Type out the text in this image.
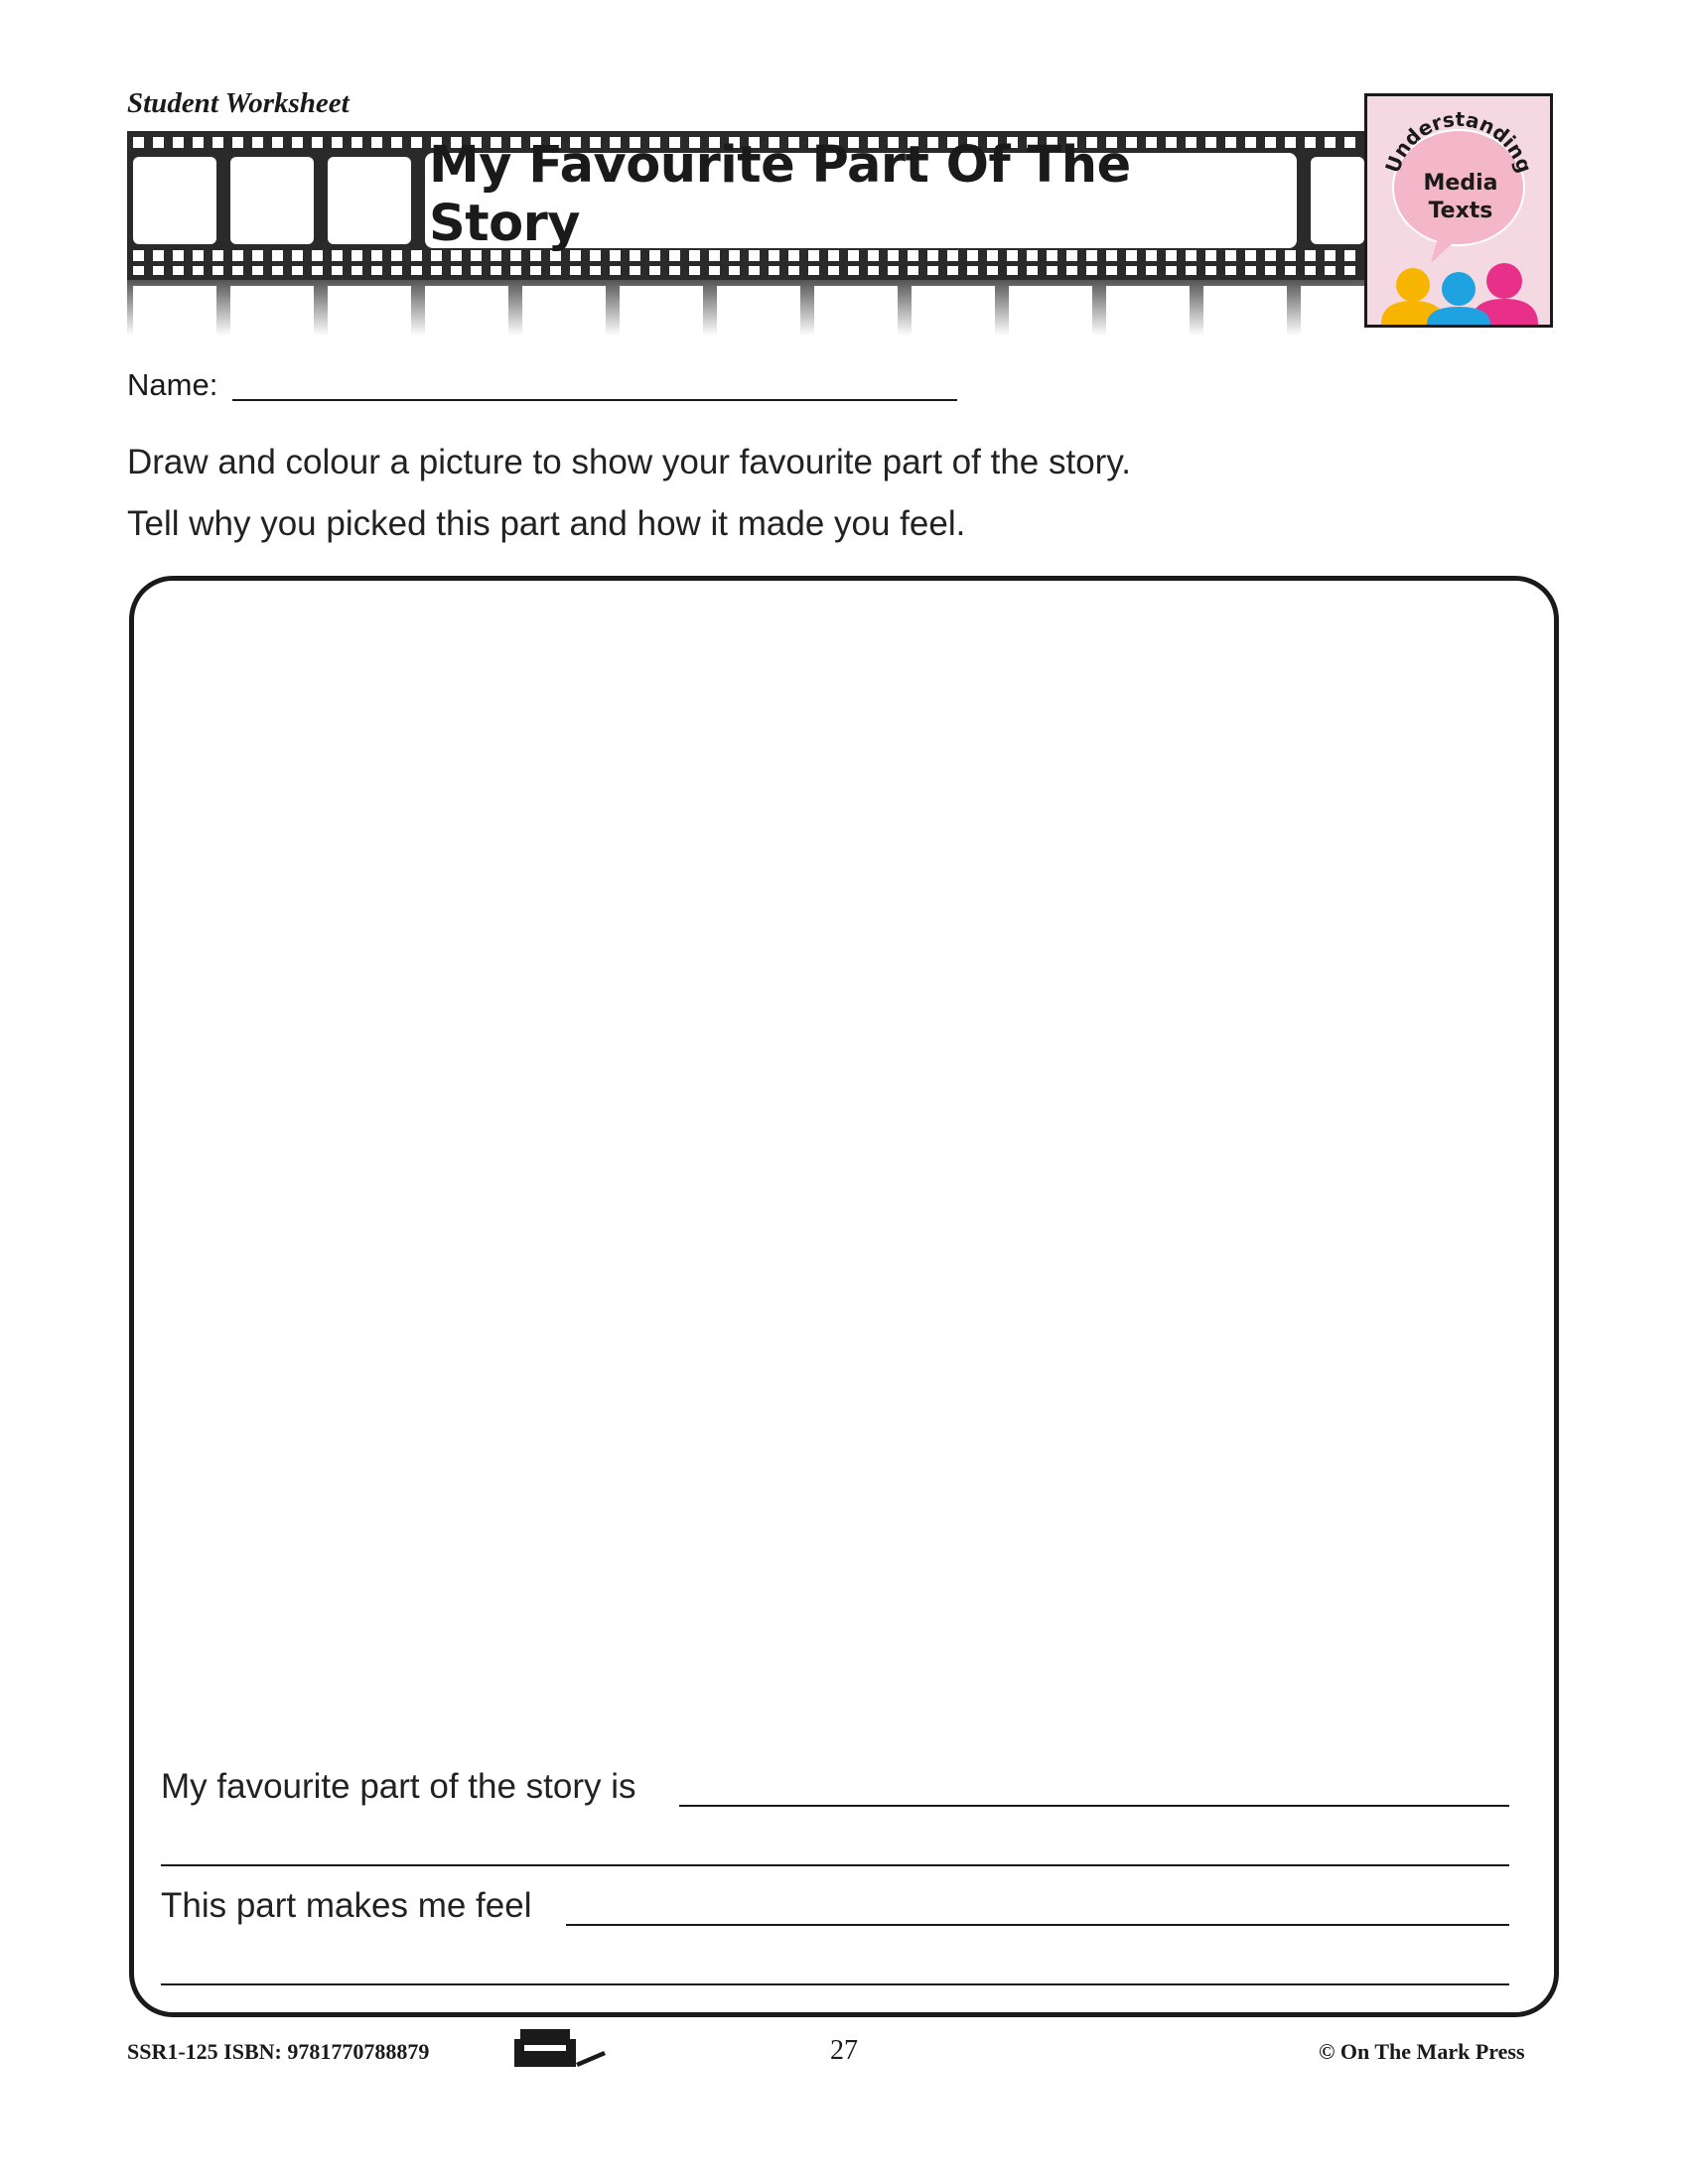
Student Worksheet
My Favourite Part Of The Story
Understanding
Media
Texts
Name:
Draw and colour a picture to show your favourite part of the story.
Tell why you picked this part and how it made you feel.
My favourite part of the story is
This part makes me feel
SSR1-125 ISBN: 9781770788879	27	© On The Mark Press
